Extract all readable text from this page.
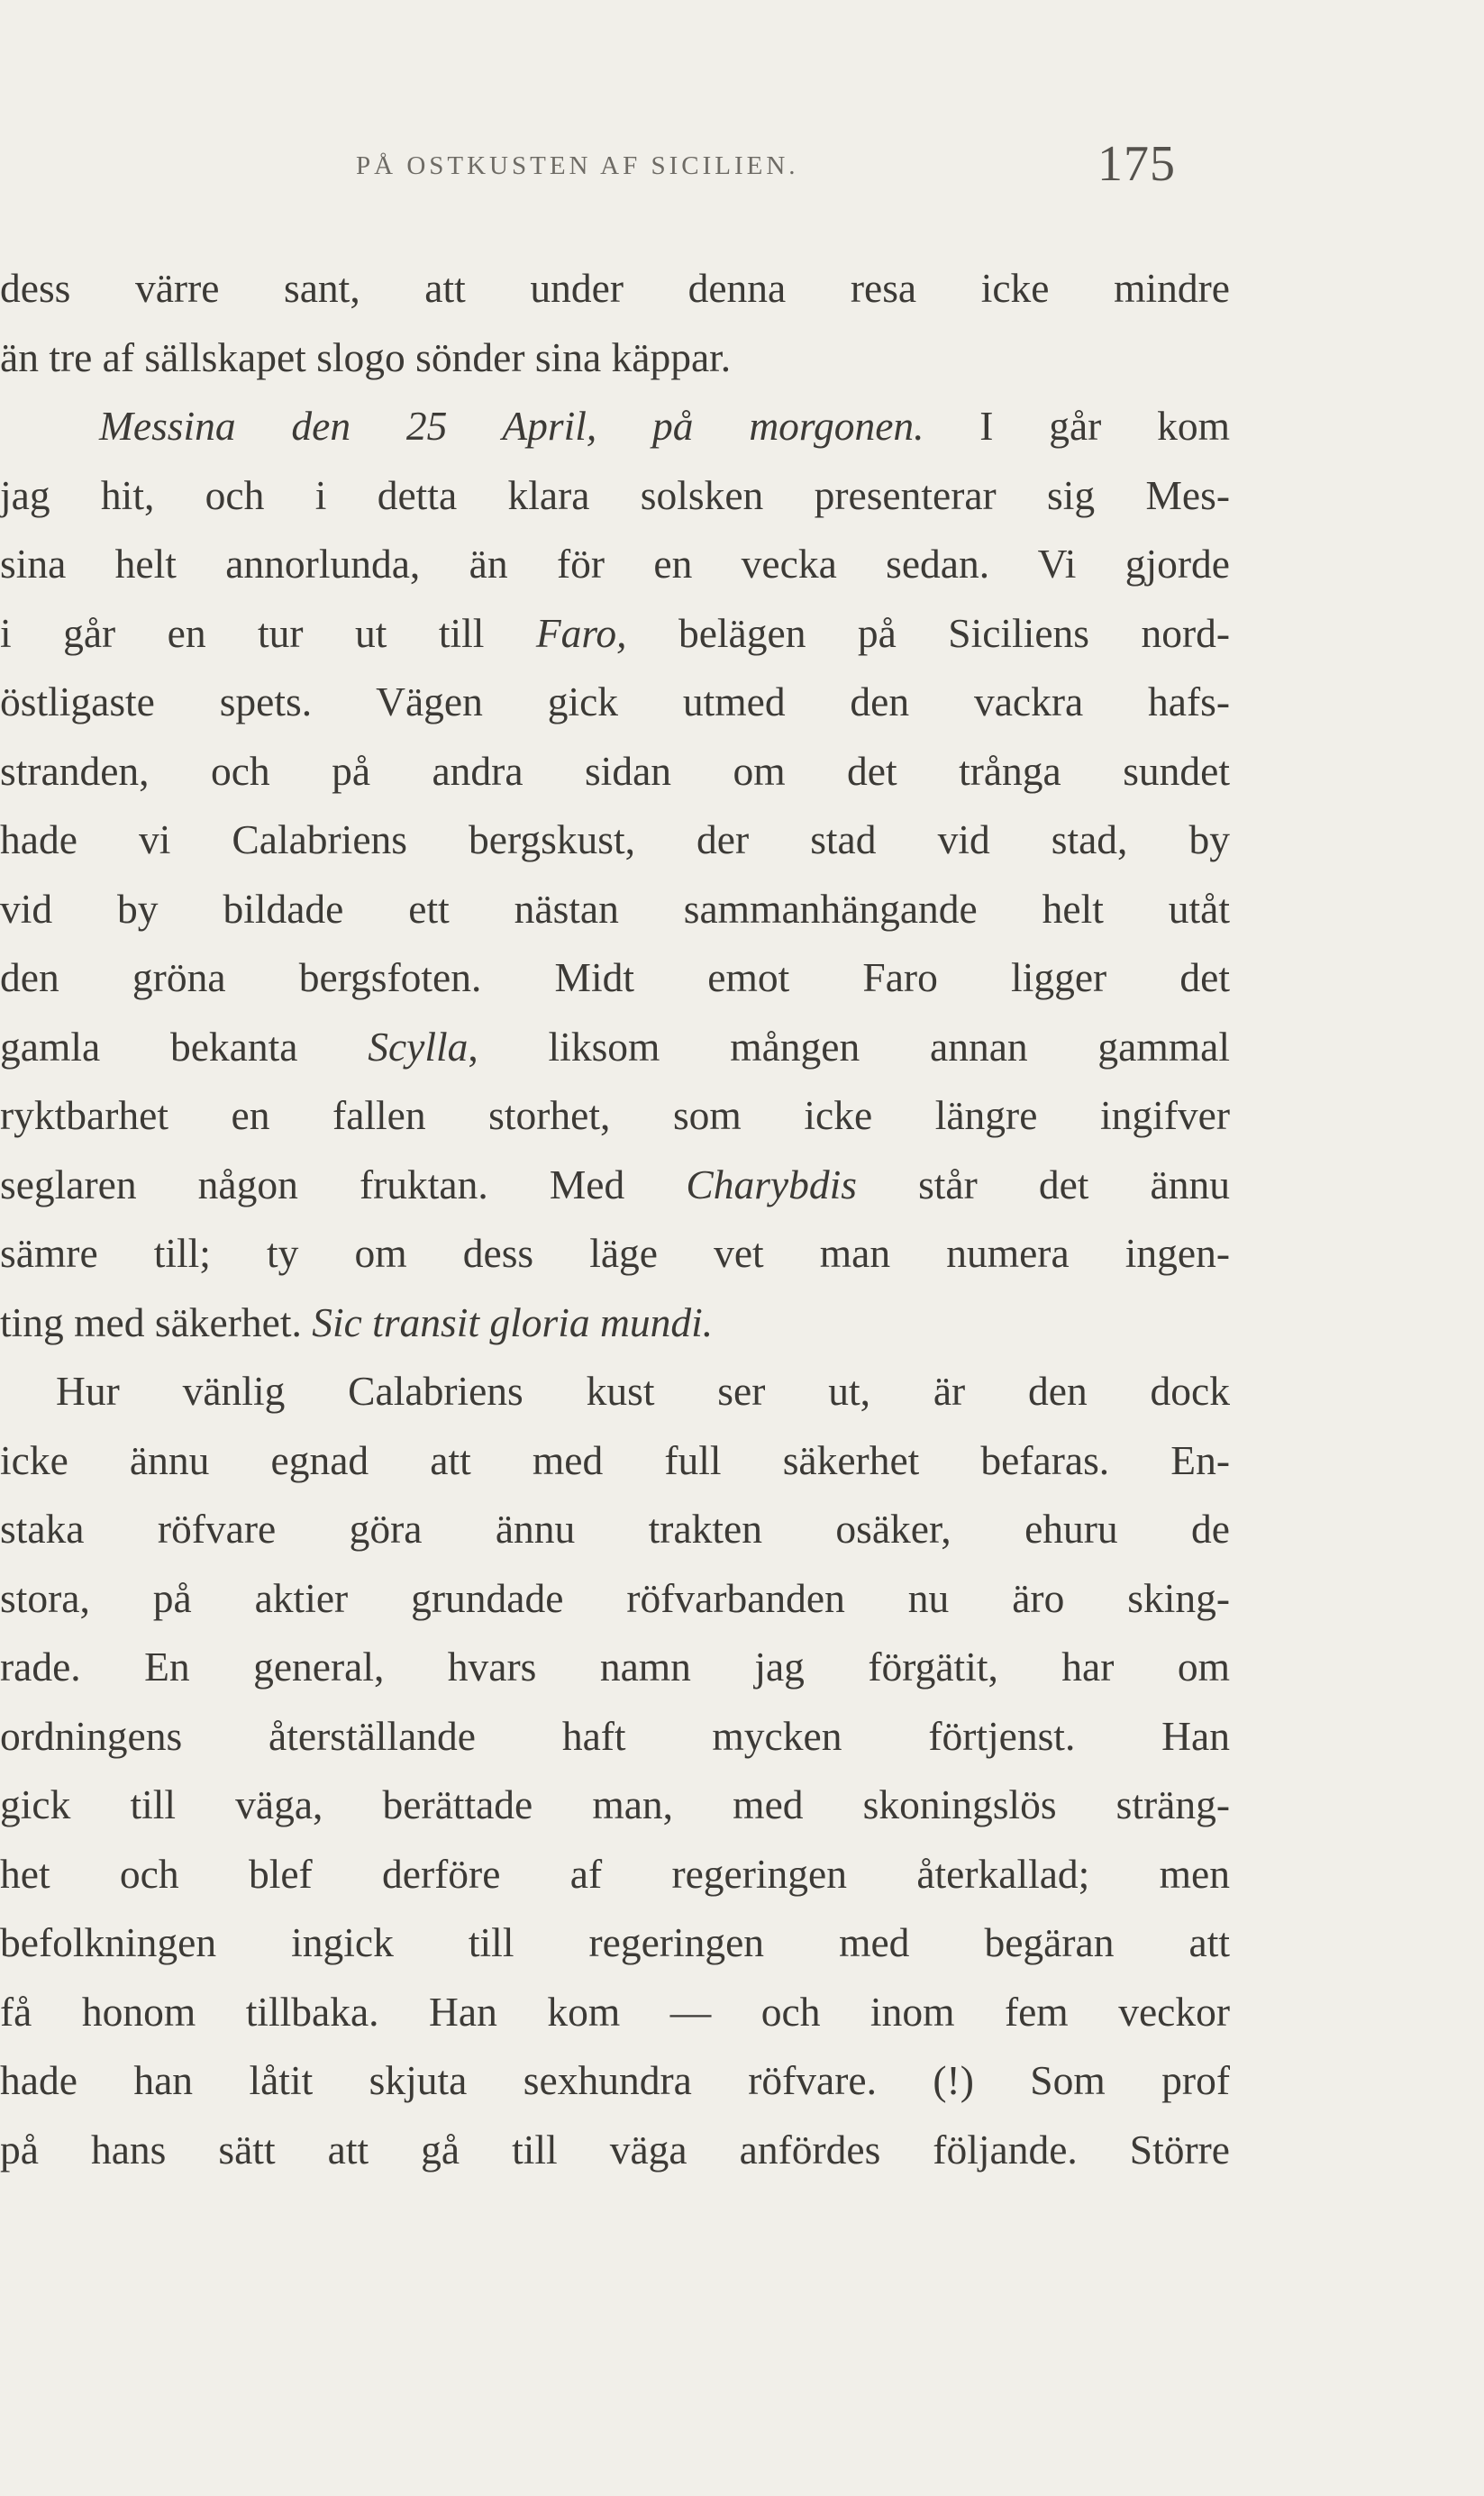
PÅ OSTKUSTEN AF SICILIEN.	175
dess värre sant, att under denna resa icke mindre
än tre af sällskapet slogo sönder sina käppar.
Messina den 25 April, på morgonen. I går kom
jag hit, och i detta klara solsken presenterar sig Mes-
sina helt annorlunda, än för en vecka sedan. Vi gjorde
i går en tur ut till Faro, belägen på Siciliens nord-
östligaste spets. Vägen gick utmed den vackra hafs-
stranden, och på andra sidan om det trånga sundet
hade vi Calabriens bergskust, der stad vid stad, by
vid by bildade ett nästan sammanhängande helt utåt
den gröna bergsfoten. Midt emot Faro ligger det
gamla bekanta Scylla, liksom mången annan gammal
ryktbarhet en fallen storhet, som icke längre ingifver
seglaren någon fruktan. Med Charybdis står det ännu
sämre till; ty om dess läge vet man numera ingen-
ting med säkerhet. Sic transit gloria mundi.
Hur vänlig Calabriens kust ser ut, är den dock
icke ännu egnad att med full säkerhet befaras. En-
staka röfvare göra ännu trakten osäker, ehuru de
stora, på aktier grundade röfvarbanden nu äro sking-
rade. En general, hvars namn jag förgätit, har om
ordningens återställande haft mycken förtjenst. Han
gick till väga, berättade man, med skoningslös sträng-
het och blef derföre af regeringen återkallad; men
befolkningen ingick till regeringen med begäran att
få honom tillbaka. Han kom — och inom fem veckor
hade han låtit skjuta sexhundra röfvare. (!) Som prof
på hans sätt att gå till väga anfördes följande. Större
